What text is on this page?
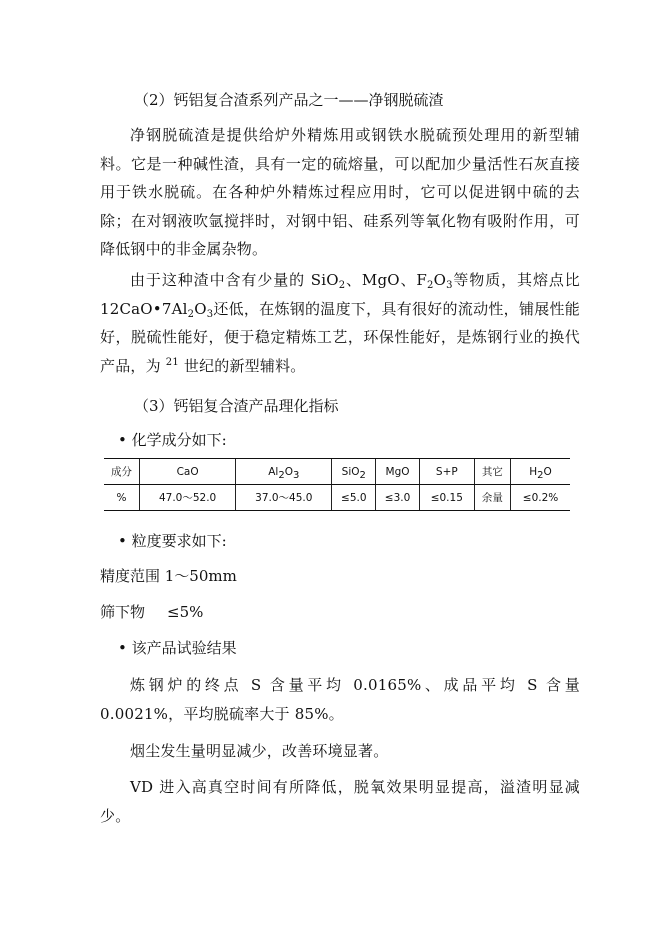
（2）钙铝复合渣系列产品之一——净钢脱硫渣

净钢脱硫渣是提供给炉外精炼用或钢铁水脱硫预处理用的新型辅料。它是一种碱性渣，具有一定的硫熔量，可以配加少量活性石灰直接用于铁水脱硫。在各种炉外精炼过程应用时，它可以促进钢中硫的去除；在对钢液吹氩搅拌时，对钢中铝、硅系列等氧化物有吸附作用，可降低钢中的非金属杂物。

由于这种渣中含有少量的 SiO$_2$、MgO、$F_2O_3$等物质，其熔点比$12CaO•7Al_2O_3$还低，在炼钢的温度下，具有很好的流动性，铺展性能好，脱硫性能好，便于稳定精炼工艺，环保性能好，是炼钢行业的换代产品，为 $^{21}$ 世纪的新型辅料。

（3）钙铝复合渣产品理化指标

• 化学成分如下:

成分	CaO	$Al_2O_3$	SiO$_2$	MgO	S+P	其它	$H_2O$
%	47.0～52.0	37.0～45.0	≤5.0	≤3.0	≤0.15	余量	≤0.2%

• 粒度要求如下:

精度范围 1～50mm

筛下物 ≤5%

• 该产品试验结果

炼钢炉的终点 S 含量平均 0.0165%、成品平均 S 含量 0.0021%，平均脱硫率大于 85%。

烟尘发生量明显减少，改善环境显著。

VD 进入高真空时间有所降低，脱氧效果明显提高，溢渣明显减少。
